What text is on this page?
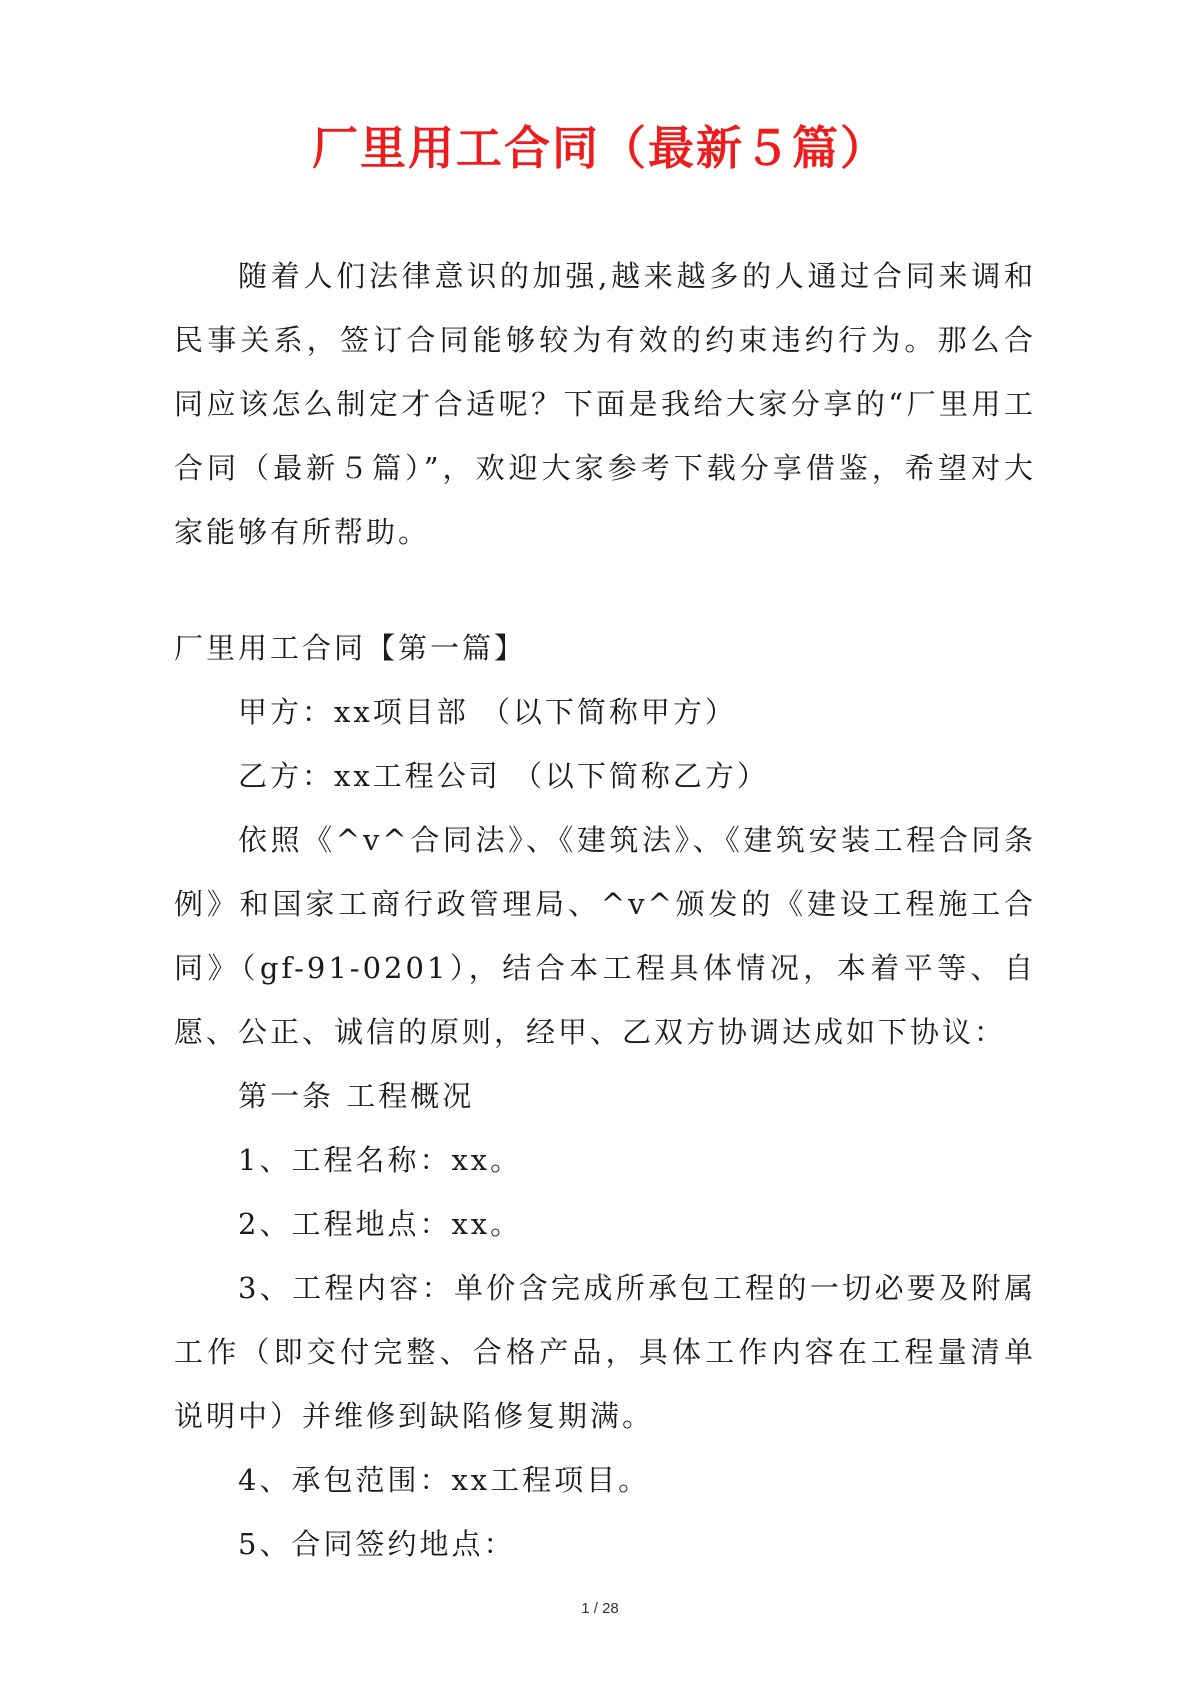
厂里用工合同（最新５篇）

随着人们法律意识的加强,越来越多的人通过合同来调和民事关系，签订合同能够较为有效的约束违约行为。那么合同应该怎么制定才合适呢？下面是我给大家分享的“厂里用工合同（最新５篇）”，欢迎大家参考下载分享借鉴，希望对大家能够有所帮助。

厂里用工合同【第一篇】

甲方：xx项目部 （以下简称甲方）

乙方：xx工程公司 （以下简称乙方）

依照《^v^合同法》、《建筑法》、《建筑安装工程合同条例》和国家工商行政管理局、^v^颁发的《建设工程施工合同》（gf-91-0201），结合本工程具体情况，本着平等、自愿、公正、诚信的原则，经甲、乙双方协调达成如下协议：

第一条 工程概况

1、工程名称：xx。

2、工程地点：xx。

3、工程内容：单价含完成所承包工程的一切必要及附属工作（即交付完整、合格产品，具体工作内容在工程量清单说明中）并维修到缺陷修复期满。

4、承包范围：xx工程项目。

5、合同签约地点：

1 / 28
